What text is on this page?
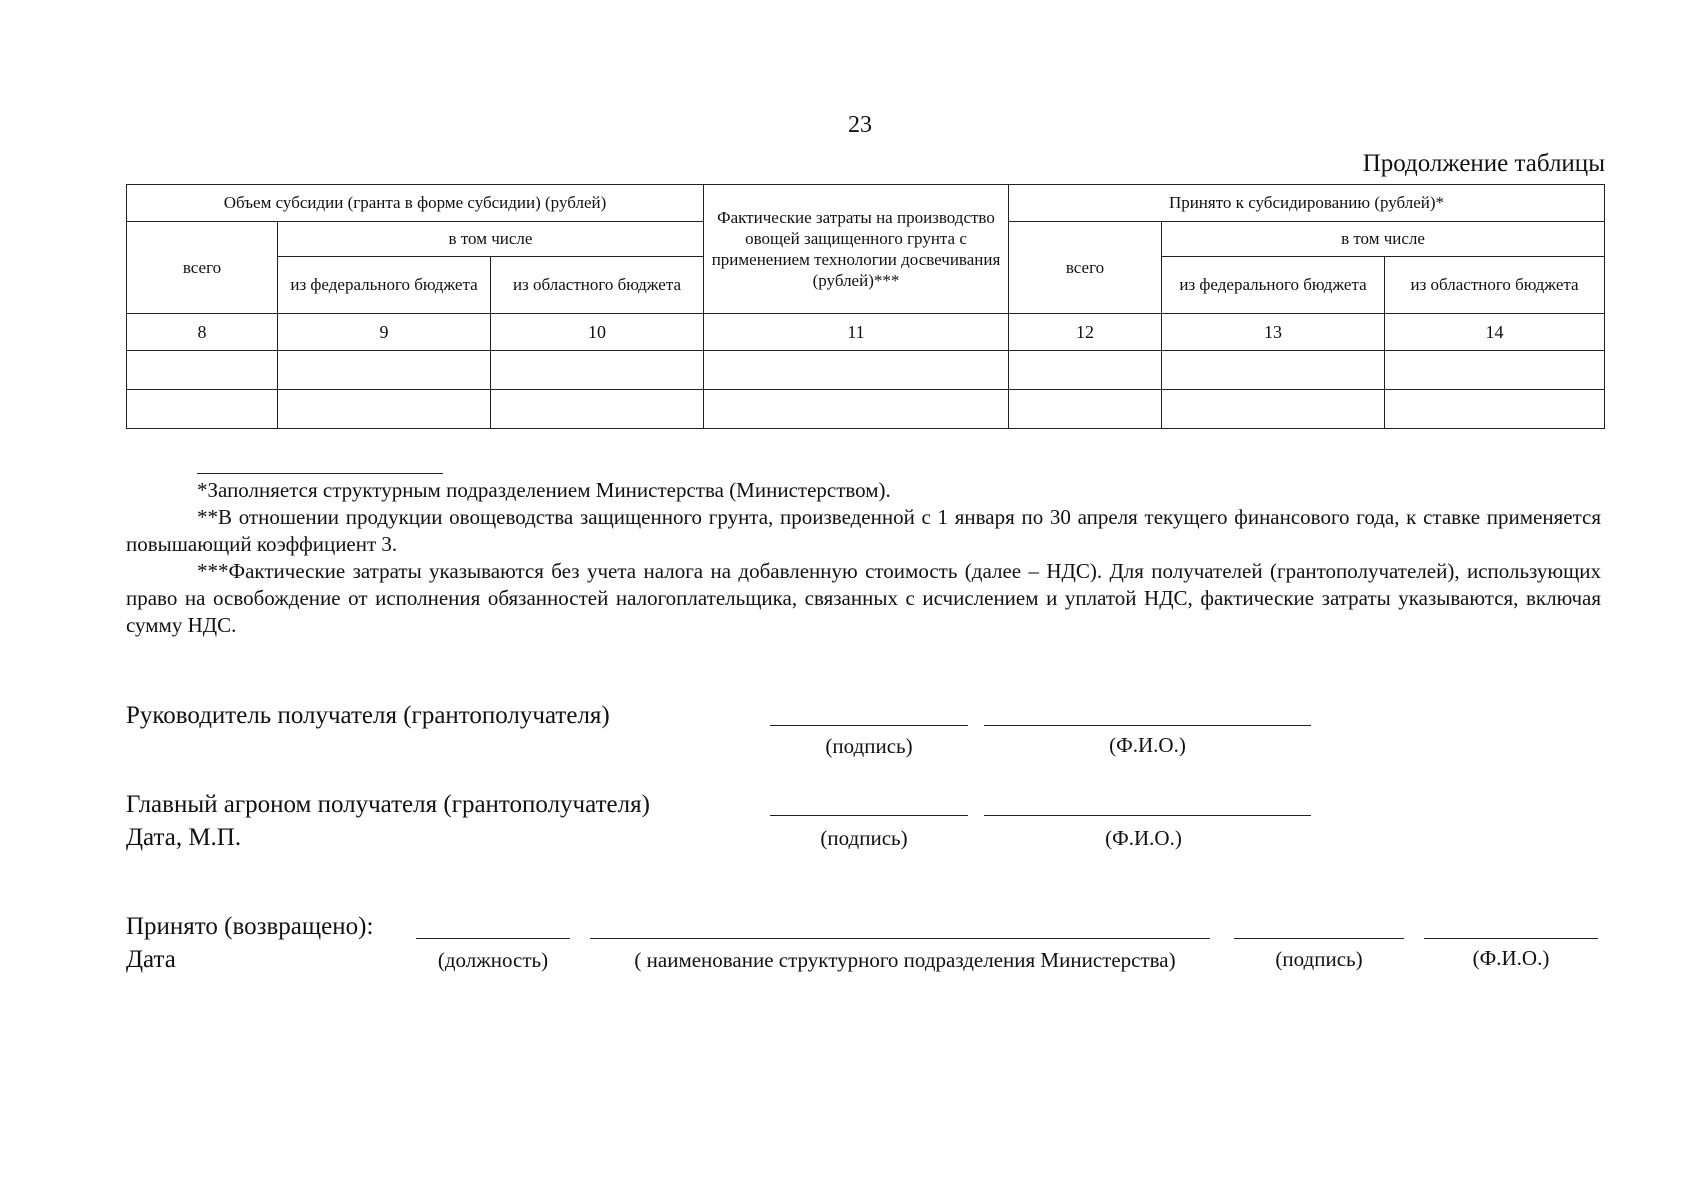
23
Продолжение таблицы
Объем субсидии (гранта в форме субсидии) (рублей)			Фактические затраты на производство овощей защищенного грунта с применением технологии досвечивания (рублей)***	Принято к субсидированию (рублей)*		
всего	в том числе			всего	в том числе	
	из федерального бюджета	из областного бюджета			из федерального бюджета	из областного бюджета
8	9	10	11	12	13	14

*Заполняется структурным подразделением Министерства (Министерством).

**В отношении продукции овощеводства защищенного грунта, произведенной с 1 января по 30 апреля текущего финансового года, к ставке применяется повышающий коэффициент 3.

***Фактические затраты указываются без учета налога на добавленную стоимость (далее – НДС). Для получателей (грантополучателей), использующих право на освобождение от исполнения обязанностей налогоплательщика, связанных с исчислением и уплатой НДС, фактические затраты указываются, включая сумму НДС.

Руководитель получателя (грантополучателя)
(подпись)	(Ф.И.О.)
Главный агроном получателя (грантополучателя)
Дата, М.П.	(подпись)	(Ф.И.О.)
Принято (возвращено):
Дата	(должность)	( наименование структурного подразделения Министерства)	(подпись)	(Ф.И.О.)
